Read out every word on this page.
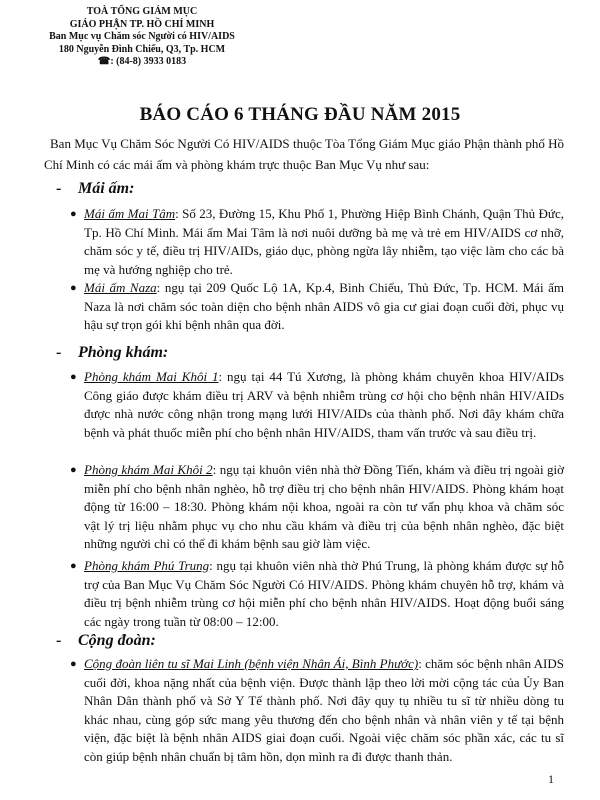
TOÀ TỔNG GIÁM MỤC
GIÁO PHẬN TP. HỒ CHÍ MINH
Ban Mục vụ Chăm sóc Người có HIV/AIDS
180 Nguyễn Đình Chiểu, Q3, Tp. HCM
☎: (84-8) 3933 0183
BÁO CÁO 6 THÁNG ĐẦU NĂM 2015
Ban Mục Vụ Chăm Sóc Người Có HIV/AIDS thuộc Tòa Tổng Giám Mục giáo Phận thành phố Hồ Chí Minh có các mái ấm và phòng khám trực thuộc Ban Mục Vụ như sau:
- Mái ấm:
● Mái ấm Mai Tâm: Số 23, Đường 15, Khu Phố 1, Phường Hiệp Bình Chánh, Quận Thủ Đức, Tp. Hồ Chí Minh. Mái ấm Mai Tâm là nơi nuôi dưỡng bà mẹ và trẻ em HIV/AIDS cơ nhỡ, chăm sóc y tế, điều trị HIV/AIDs, giáo dục, phòng ngừa lây nhiễm, tạo việc làm cho các bà mẹ và hướng nghiệp cho trẻ.
● Mái ấm Naza: ngụ tại 209 Quốc Lộ 1A, Kp.4, Bình Chiểu, Thủ Đức, Tp. HCM. Mái ấm Naza là nơi chăm sóc toàn diện cho bệnh nhân AIDS vô gia cư giai đoạn cuối đời, phục vụ hậu sự trọn gói khi bệnh nhân qua đời.
- Phòng khám:
● Phòng khám Mai Khôi 1: ngụ tại 44 Tú Xương, là phòng khám chuyên khoa HIV/AIDs Công giáo được khám điều trị ARV và bệnh nhiễm trùng cơ hội cho bệnh nhân HIV/AIDs được nhà nước công nhận trong mạng lưới HIV/AIDs của thành phố. Nơi đây khám chữa bệnh và phát thuốc miễn phí cho bệnh nhân HIV/AIDS, tham vấn trước và sau điều trị.
● Phòng khám Mai Khôi 2: ngụ tại khuôn viên nhà thờ Đồng Tiến, khám và điều trị ngoài giờ miễn phí cho bệnh nhân nghèo, hỗ trợ điều trị cho bệnh nhân HIV/AIDS. Phòng khám hoạt động từ 16:00 – 18:30. Phòng khám nội khoa, ngoài ra còn tư vấn phụ khoa và chăm sóc vật lý trị liệu nhằm phục vụ cho nhu cầu khám và điều trị của bệnh nhân nghèo, đặc biệt những người chỉ có thể đi khám bệnh sau giờ làm việc.
● Phòng khám Phú Trung: ngụ tại khuôn viên nhà thờ Phú Trung, là phòng khám được sự hỗ trợ của Ban Mục Vụ Chăm Sóc Người Có HIV/AIDS. Phòng khám chuyên hỗ trợ, khám và điều trị bệnh nhiễm trùng cơ hội miễn phí cho bệnh nhân HIV/AIDS. Hoạt động buổi sáng các ngày trong tuần từ 08:00 – 12:00.
- Cộng đoàn:
● Cộng đoàn liên tu sĩ Mai Linh (bệnh viện Nhân Ái, Bình Phước): chăm sóc bệnh nhân AIDS cuối đời, khoa nặng nhất của bệnh viện. Được thành lập theo lời mời cộng tác của Ủy Ban Nhân Dân thành phố và Sở Y Tế thành phố. Nơi đây quy tụ nhiều tu sĩ từ nhiều dòng tu khác nhau, cùng góp sức mang yêu thương đến cho bệnh nhân và nhân viên y tế tại bệnh viện, đặc biệt là bệnh nhân AIDS giai đoạn cuối. Ngoài việc chăm sóc phần xác, các tu sĩ còn giúp bệnh nhân chuẩn bị tâm hồn, dọn mình ra đi được thanh thản.
1
